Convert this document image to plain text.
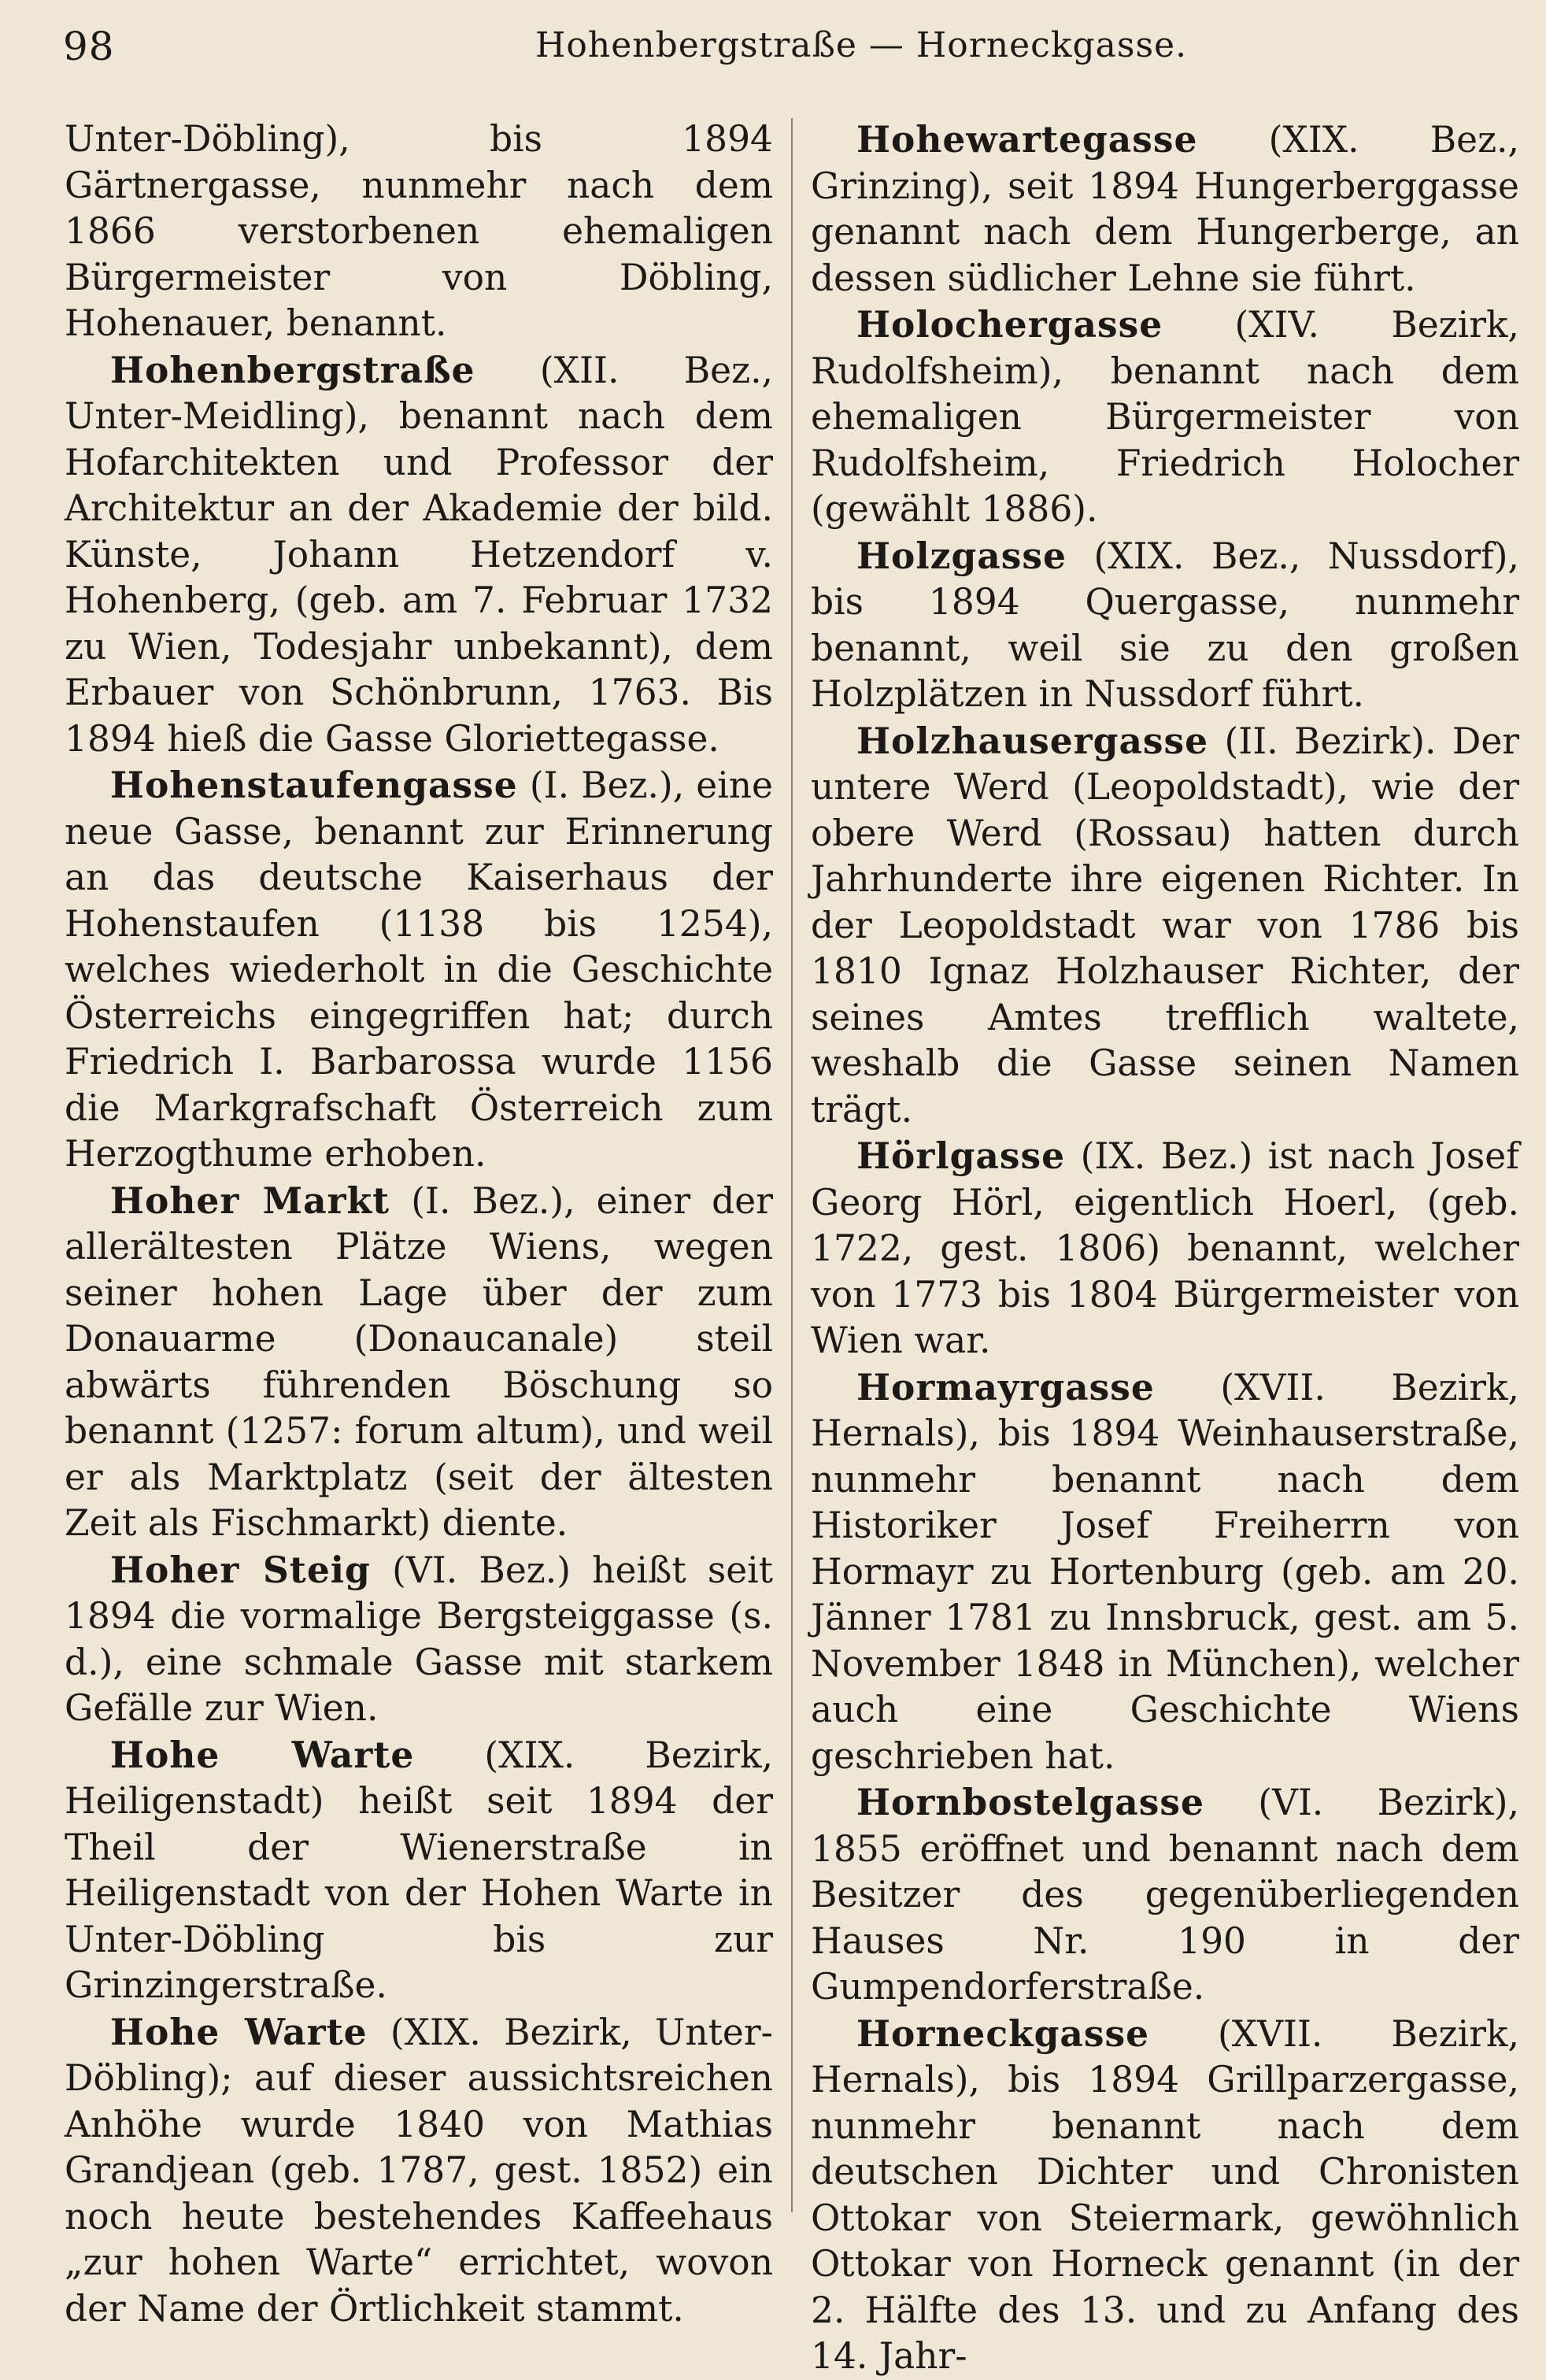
98	Hohenbergstraße — Horneckgasse.

Unter-Döbling), bis 1894 Gärtnergasse, nunmehr nach dem 1866 verstorbenen ehemaligen Bürgermeister von Döbling, Hohenauer, benannt.

Hohenbergstraße (XII. Bez., Unter-Meidling), benannt nach dem Hofarchitekten und Professor der Architektur an der Akademie der bild. Künste, Johann Hetzendorf v. Hohenberg, (geb. am 7. Februar 1732 zu Wien, Todesjahr unbekannt), dem Erbauer von Schönbrunn, 1763. Bis 1894 hieß die Gasse Gloriettegasse.

Hohenstaufengasse (I. Bez.), eine neue Gasse, benannt zur Erinnerung an das deutsche Kaiserhaus der Hohenstaufen (1138 bis 1254), welches wiederholt in die Geschichte Österreichs eingegriffen hat; durch Friedrich I. Barbarossa wurde 1156 die Markgrafschaft Österreich zum Herzogthume erhoben.

Hoher Markt (I. Bez.), einer der allerältesten Plätze Wiens, wegen seiner hohen Lage über der zum Donauarme (Donaucanale) steil abwärts führenden Böschung so benannt (1257: forum altum), und weil er als Marktplatz (seit der ältesten Zeit als Fischmarkt) diente.

Hoher Steig (VI. Bez.) heißt seit 1894 die vormalige Bergsteiggasse (s. d.), eine schmale Gasse mit starkem Gefälle zur Wien.

Hohe Warte (XIX. Bezirk, Heiligenstadt) heißt seit 1894 der Theil der Wienerstraße in Heiligenstadt von der Hohen Warte in Unter-Döbling bis zur Grinzingerstraße.

Hohe Warte (XIX. Bezirk, Unter-Döbling); auf dieser aussichtsreichen Anhöhe wurde 1840 von Mathias Grandjean (geb. 1787, gest. 1852) ein noch heute bestehendes Kaffeehaus „zur hohen Warte“ errichtet, wovon der Name der Örtlichkeit stammt.

Hohewartegasse (XIX. Bez., Grinzing), seit 1894 Hungerberggasse genannt nach dem Hungerberge, an dessen südlicher Lehne sie führt.

Holochergasse (XIV. Bezirk, Rudolfsheim), benannt nach dem ehemaligen Bürgermeister von Rudolfsheim, Friedrich Holocher (gewählt 1886).

Holzgasse (XIX. Bez., Nussdorf), bis 1894 Quergasse, nunmehr benannt, weil sie zu den großen Holzplätzen in Nussdorf führt.

Holzhausergasse (II. Bezirk). Der untere Werd (Leopoldstadt), wie der obere Werd (Rossau) hatten durch Jahrhunderte ihre eigenen Richter. In der Leopoldstadt war von 1786 bis 1810 Ignaz Holzhauser Richter, der seines Amtes trefflich waltete, weshalb die Gasse seinen Namen trägt.

Hörlgasse (IX. Bez.) ist nach Josef Georg Hörl, eigentlich Hoerl, (geb. 1722, gest. 1806) benannt, welcher von 1773 bis 1804 Bürgermeister von Wien war.

Hormayrgasse (XVII. Bezirk, Hernals), bis 1894 Weinhauserstraße, nunmehr benannt nach dem Historiker Josef Freiherrn von Hormayr zu Hortenburg (geb. am 20. Jänner 1781 zu Innsbruck, gest. am 5. November 1848 in München), welcher auch eine Geschichte Wiens geschrieben hat.

Hornbostelgasse (VI. Bezirk), 1855 eröffnet und benannt nach dem Besitzer des gegenüberliegenden Hauses Nr. 190 in der Gumpendorferstraße.

Horneckgasse (XVII. Bezirk, Hernals), bis 1894 Grillparzergasse, nunmehr benannt nach dem deutschen Dichter und Chronisten Ottokar von Steiermark, gewöhnlich Ottokar von Horneck genannt (in der 2. Hälfte des 13. und zu Anfang des 14. Jahr-
